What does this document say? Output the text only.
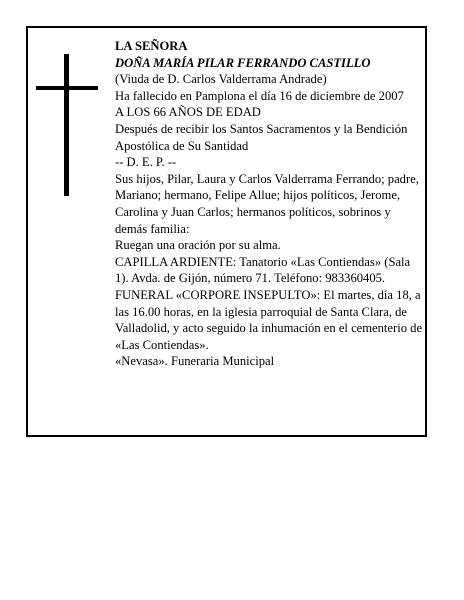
LA SEÑORA

DOÑA MARÍA PILAR FERRANDO CASTILLO

(Viuda de D. Carlos Valderrama Andrade)

Ha fallecido en Pamplona el día 16 de diciembre de 2007

A LOS 66 AÑOS DE EDAD

Después de recibir los Santos Sacramentos y la Bendición Apostólica de Su Santidad

-- D. E. P. --

Sus hijos, Pilar, Laura y Carlos Valderrama Ferrando; padre, Mariano; hermano, Felipe Allue; hijos políticos, Jerome, Carolina y Juan Carlos; hermanos políticos, sobrinos y demás familia:

Ruegan una oración por su alma.

CAPILLA ARDIENTE: Tanatorio «Las Contiendas» (Sala 1). Avda. de Gijón, número 71. Teléfono: 983360405.

FUNERAL «CORPORE INSEPULTO»: El martes, día 18, a las 16.00 horas, en la iglesia parroquial de Santa Clara, de Valladolid, y acto seguido la inhumación en el cementerio de «Las Contiendas».

«Nevasa». Funeraria Municipal
